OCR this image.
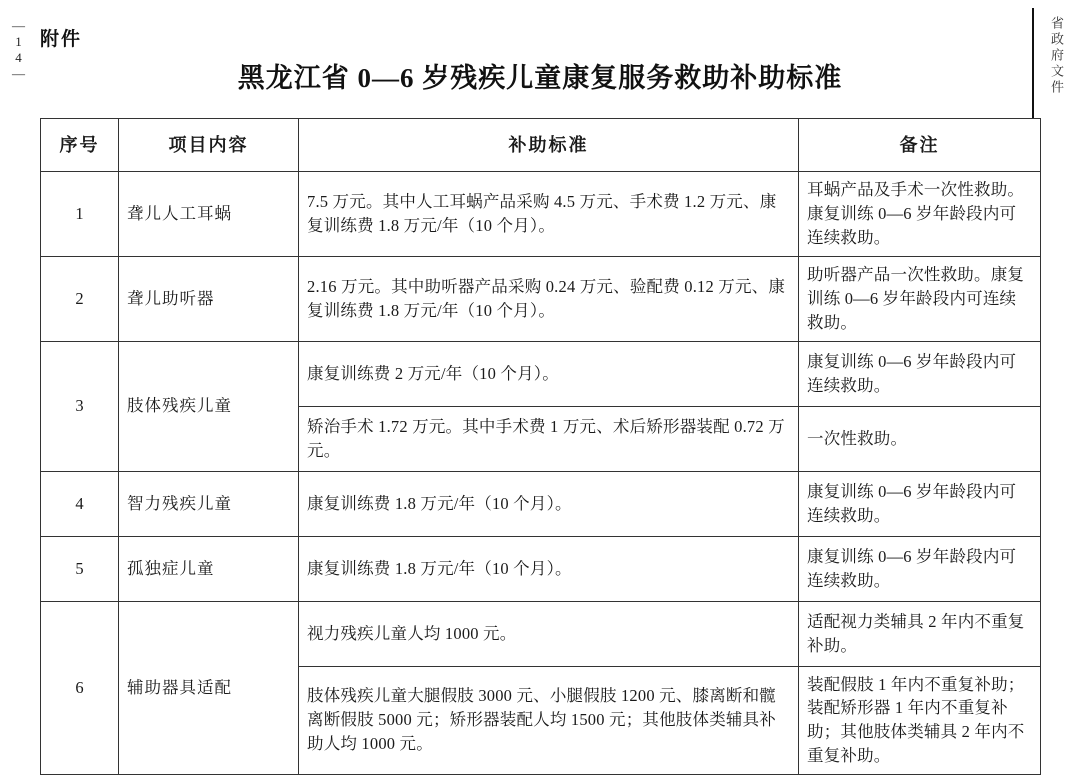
—14— 附件	省政府文件
黑龙江省 0—6 岁残疾儿童康复服务救助补助标准
序号	项目内容	补助标准	备注
1	聋儿人工耳蜗	7.5 万元。其中人工耳蜗产品采购 4.5 万元、手术费 1.2 万元、康复训练费 1.8 万元/年（10 个月）。	耳蜗产品及手术一次性救助。康复训练 0—6 岁年龄段内可连续救助。
2	聋儿助听器	2.16 万元。其中助听器产品采购 0.24 万元、验配费 0.12 万元、康复训练费 1.8 万元/年（10 个月）。	助听器产品一次性救助。康复训练 0—6 岁年龄段内可连续救助。
3	肢体残疾儿童	康复训练费 2 万元/年（10 个月）。	康复训练 0—6 岁年龄段内可连续救助。
		矫治手术 1.72 万元。其中手术费 1 万元、术后矫形器装配 0.72 万元。	一次性救助。
4	智力残疾儿童	康复训练费 1.8 万元/年（10 个月）。	康复训练 0—6 岁年龄段内可连续救助。
5	孤独症儿童	康复训练费 1.8 万元/年（10 个月）。	康复训练 0—6 岁年龄段内可连续救助。
6	辅助器具适配	视力残疾儿童人均 1000 元。	适配视力类辅具 2 年内不重复补助。
		肢体残疾儿童大腿假肢 3000 元、小腿假肢 1200 元、膝离断和髋离断假肢 5000 元；矫形器装配人均 1500 元；其他肢体类辅具补助人均 1000 元。	装配假肢 1 年内不重复补助；装配矫形器 1 年内不重复补助；其他肢体类辅具 2 年内不重复补助。
